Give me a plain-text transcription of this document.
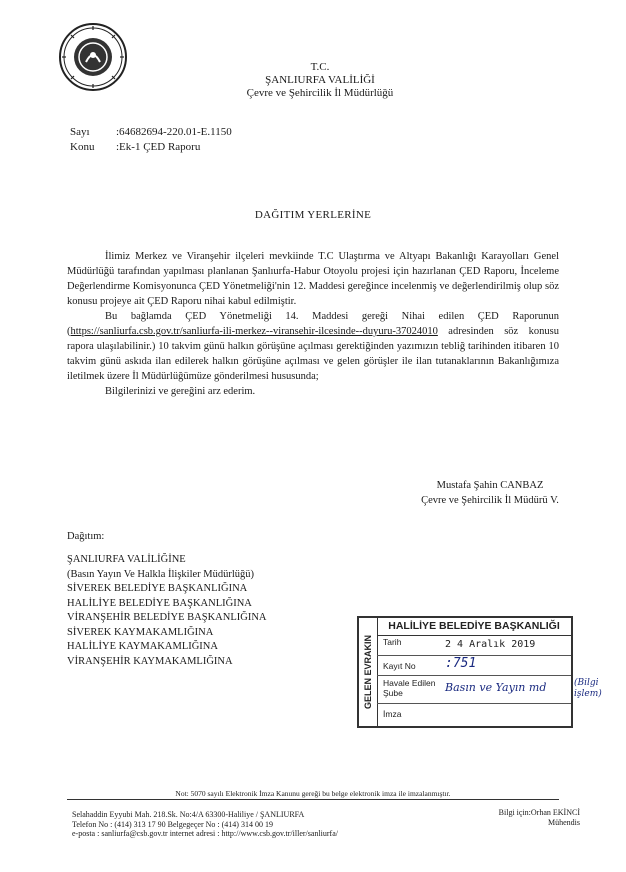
T.C.
ŞANLIURFA VALİLİĞİ
Çevre ve Şehircilik İl Müdürlüğü
Sayı :64682694-220.01-E.1150
Konu :Ek-1 ÇED Raporu
DAĞITIM YERLERİNE

İlimiz Merkez ve Viranşehir ilçeleri mevkiinde T.C Ulaştırma ve Altyapı Bakanlığı Karayolları Genel Müdürlüğü tarafından yapılması planlanan Şanlıurfa-Habur Otoyolu projesi için hazırlanan ÇED Raporu, İnceleme Değerlendirme Komisyonunca ÇED Yönetmeliği'nin 12. Maddesi gereğince incelenmiş ve değerlendirilmiş olup söz konusu projeye ait ÇED Raporu nihai kabul edilmiştir.

Bu bağlamda ÇED Yönetmeliği 14. Maddesi gereği Nihai edilen ÇED Raporunun (https://sanliurfa.csb.gov.tr/sanliurfa-ili-merkez--viransehir-ilcesinde--duyuru-37024010 adresinden söz konusu rapora ulaşılabilinir.) 10 takvim günü halkın görüşüne açılması gerektiğinden yazımızın tebliğ tarihinden itibaren 10 takvim günü askıda ilan edilerek halkın görüşüne açılması ve gelen görüşler ile ilan tutanaklarının Bakanlığımıza iletilmek üzere İl Müdürlüğümüze gönderilmesi hususunda;

Bilgilerinizi ve gereğini arz ederim.

Mustafa Şahin CANBAZ
Çevre ve Şehircilik İl Müdürü V.
Dağıtım:
ŞANLIURFA VALİLİĞİNE
(Basın Yayın Ve Halkla İlişkiler Müdürlüğü)
SİVEREK BELEDİYE BAŞKANLIĞINA
HALİLİYE BELEDİYE BAŞKANLIĞINA
VİRANŞEHİR BELEDİYE BAŞKANLIĞINA
SİVEREK KAYMAKAMLIĞINA
HALİLİYE KAYMAKAMLIĞINA
VİRANŞEHİR KAYMAKAMLIĞINA	GELEN EVRAKIN
HALİLİYE BELEDİYE BAŞKANLIĞI
Tarih	2 4 Aralık 2019
Kayıt No :751
Havale Edilen
Şube	Basın ve Yayın md
İmza
(Bilgi işlem)
Not: 5070 sayılı Elektronik İmza Kanunu gereği bu belge elektronik imza ile imzalanmıştır.
Selahaddin Eyyubi Mah. 218.Sk. No:4/A 63300-Haliliye / ŞANLIURFA
Telefon No : (414) 313 17 90 Belgegeçer No : (414) 314 00 19
e-posta : sanliurfa@csb.gov.tr internet adresi : http://www.csb.gov.tr/iller/sanliurfa/
Bilgi için:Orhan EKİNCİ
Mühendis
